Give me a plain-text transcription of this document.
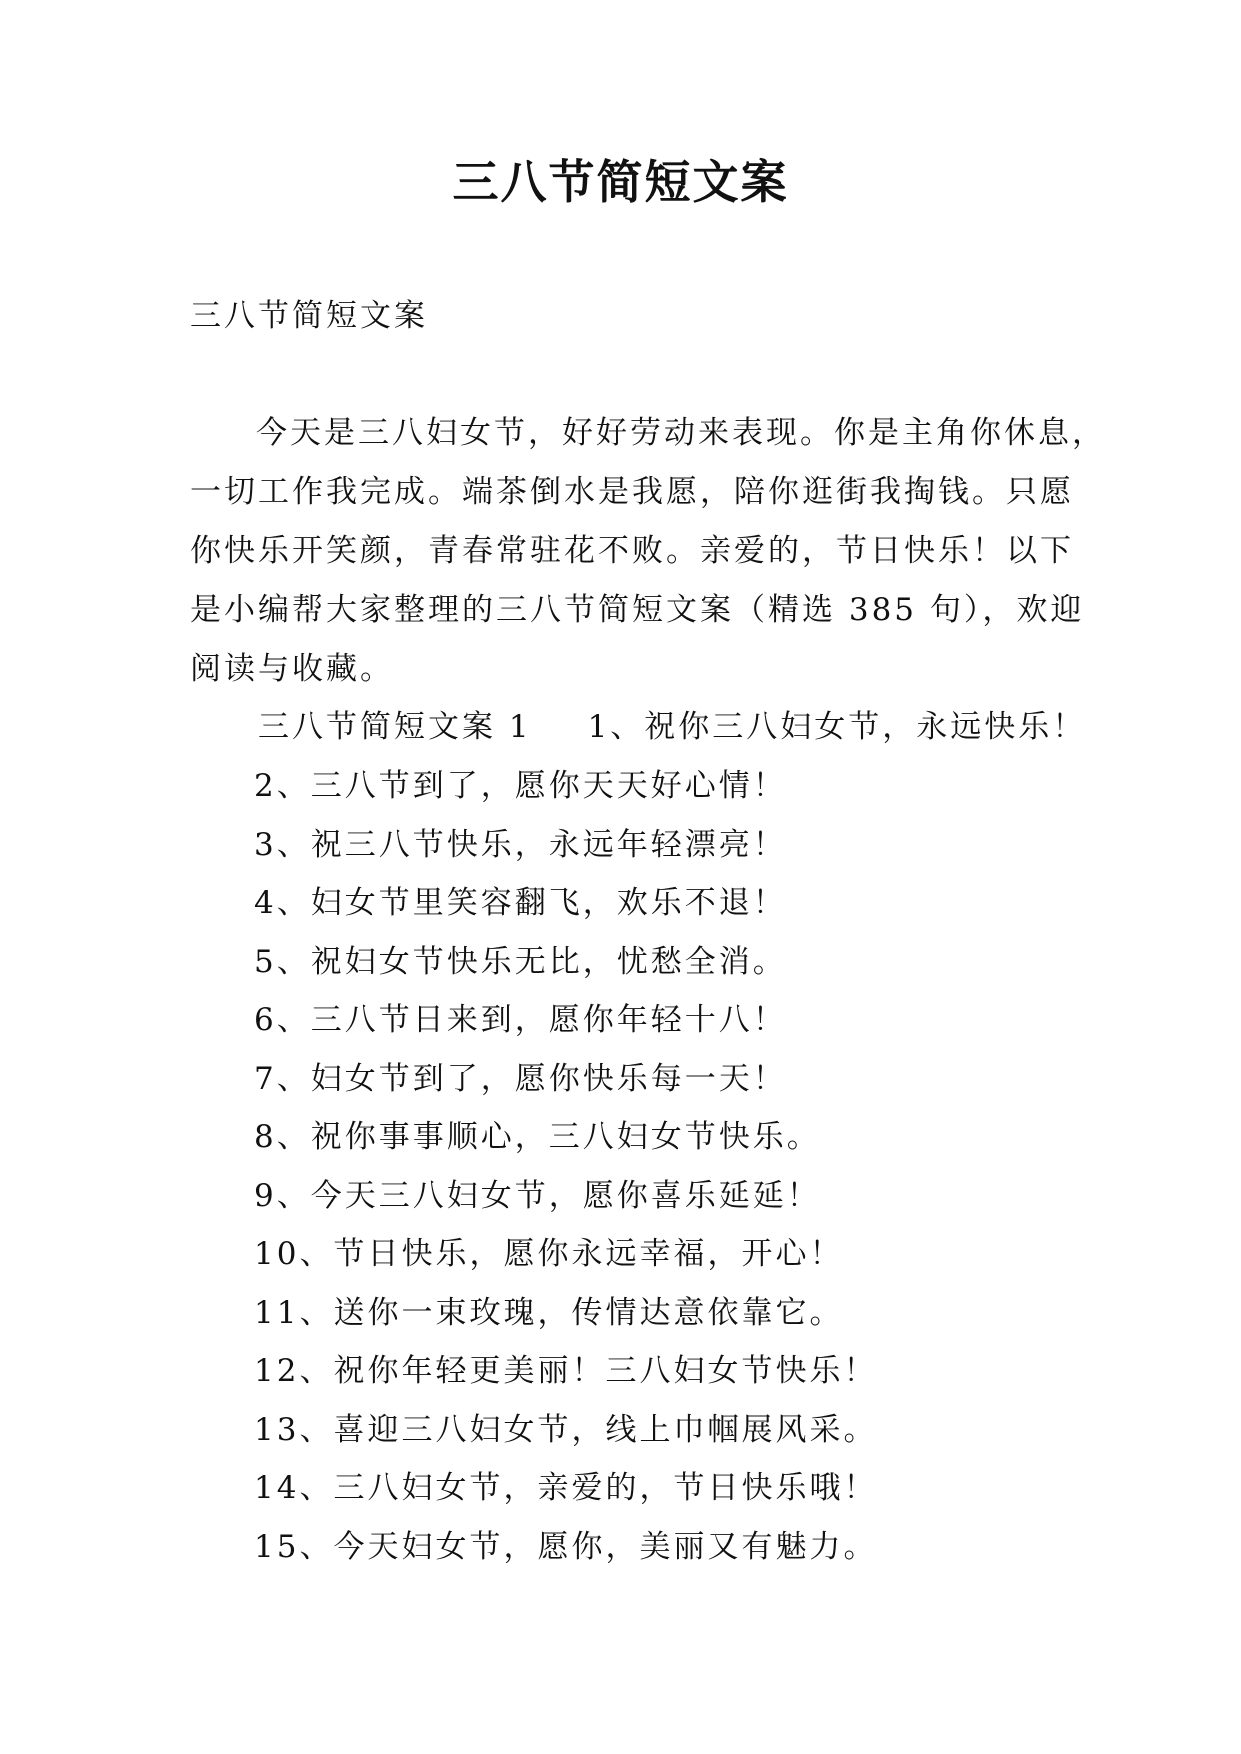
三八节简短文案
三八节简短文案
今天是三八妇女节，好好劳动来表现。你是主角你休息，
一切工作我完成。端茶倒水是我愿，陪你逛街我掏钱。只愿
你快乐开笑颜，青春常驻花不败。亲爱的，节日快乐！以下
是小编帮大家整理的三八节简短文案（精选 385 句），欢迎
阅读与收藏。
三八节简短文案 1 1、祝你三八妇女节，永远快乐！
2、三八节到了，愿你天天好心情！
3、祝三八节快乐，永远年轻漂亮！
4、妇女节里笑容翻飞，欢乐不退！
5、祝妇女节快乐无比，忧愁全消。
6、三八节日来到，愿你年轻十八！
7、妇女节到了，愿你快乐每一天！
8、祝你事事顺心，三八妇女节快乐。
9、今天三八妇女节，愿你喜乐延延！
10、节日快乐，愿你永远幸福，开心！
11、送你一束玫瑰，传情达意依靠它。
12、祝你年轻更美丽！三八妇女节快乐！
13、喜迎三八妇女节，线上巾帼展风采。
14、三八妇女节，亲爱的，节日快乐哦！
15、今天妇女节，愿你，美丽又有魅力。
